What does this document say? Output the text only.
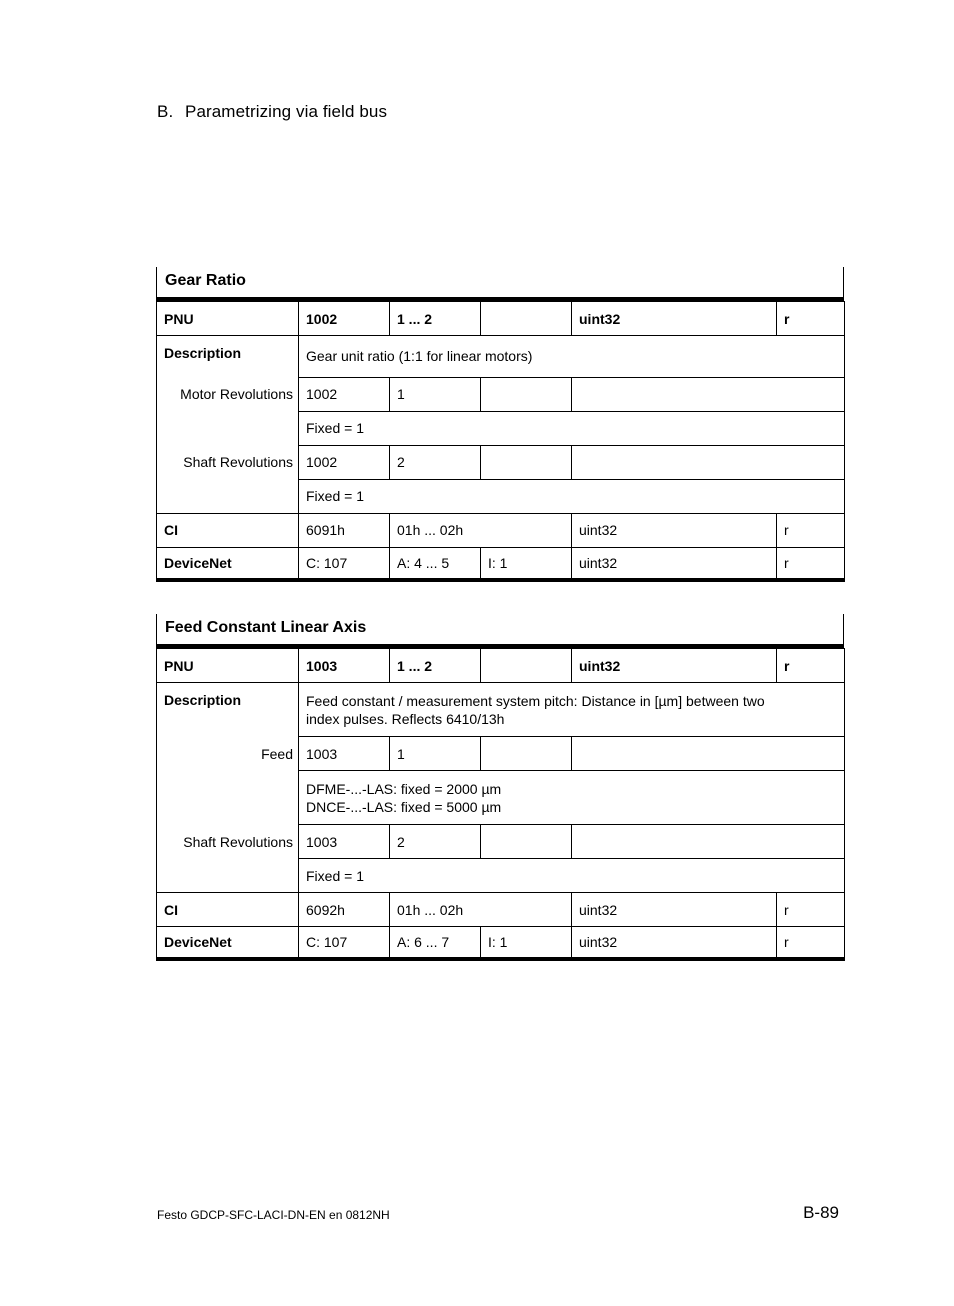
B. Parametrizing via field bus
Gear Ratio
PNU	1002	1 ... 2		uint32	r
Description	Gear unit ratio (1:1 for linear motors)				
Motor Revolutions	1002	1			
	Fixed = 1				
Shaft Revolutions	1002	2			
	Fixed = 1				
CI	6091h	01h ... 02h		uint32	r
DeviceNet	C: 107	A: 4 ... 5	I: 1	uint32	r
Feed Constant Linear Axis
PNU	1003	1 ... 2		uint32	r
Description	Feed constant / measurement system pitch: Distance in [µm] between two
index pulses. Reflects 6410/13h				

Feed	1003	1			

	DFME-...-LAS: fixed = 2000 µm
DNCE-...-LAS: fixed = 5000 µm				

Shaft Revolutions	1003	2			
	Fixed = 1				
CI	6092h	01h ... 02h		uint32	r
DeviceNet	C: 107	A: 6 ... 7	I: 1	uint32	r
Festo GDCP-SFC-LACI-DN-EN en 0812NH	B-89
